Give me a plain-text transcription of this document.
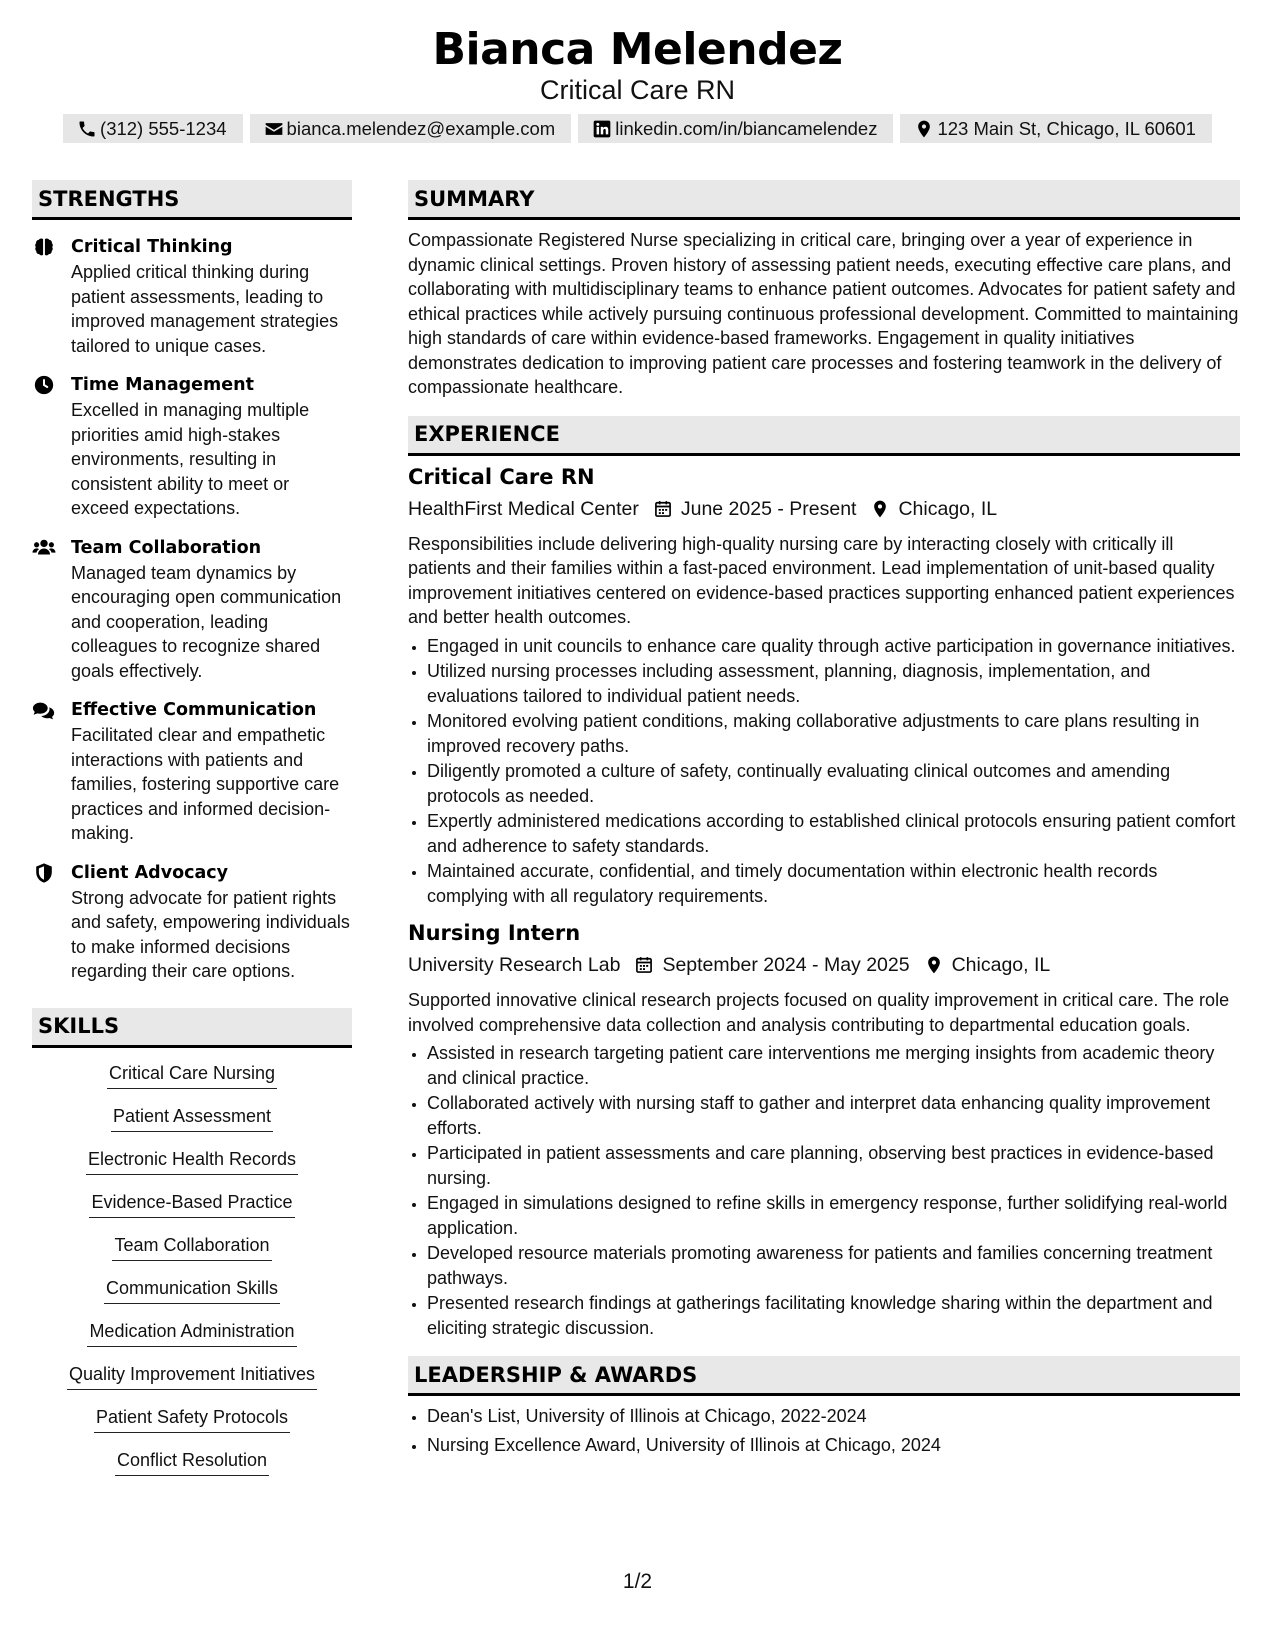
Bianca Melendez
Critical Care RN
(312) 555-1234	bianca.melendez@example.com	linkedin.com/in/biancamelendez	123 Main St, Chicago, IL 60601
STRENGTHS
Critical Thinking
Applied critical thinking during patient assessments, leading to improved management strategies tailored to unique cases.
Time Management
Excelled in managing multiple priorities amid high-stakes environments, resulting in consistent ability to meet or exceed expectations.
Team Collaboration
Managed team dynamics by encouraging open communication and cooperation, leading colleagues to recognize shared goals effectively.
Effective Communication
Facilitated clear and empathetic interactions with patients and families, fostering supportive care practices and informed decision-making.
Client Advocacy
Strong advocate for patient rights and safety, empowering individuals to make informed decisions regarding their care options.
SKILLS
Critical Care Nursing
Patient Assessment
Electronic Health Records
Evidence-Based Practice
Team Collaboration
Communication Skills
Medication Administration
Quality Improvement Initiatives
Patient Safety Protocols
Conflict Resolution
SUMMARY
Compassionate Registered Nurse specializing in critical care, bringing over a year of experience in dynamic clinical settings. Proven history of assessing patient needs, executing effective care plans, and collaborating with multidisciplinary teams to enhance patient outcomes. Advocates for patient safety and ethical practices while actively pursuing continuous professional development. Committed to maintaining high standards of care within evidence-based frameworks. Engagement in quality initiatives demonstrates dedication to improving patient care processes and fostering teamwork in the delivery of compassionate healthcare.
EXPERIENCE
Critical Care RN
HealthFirst Medical Center June 2025 - Present Chicago, IL
Responsibilities include delivering high-quality nursing care by interacting closely with critically ill patients and their families within a fast-paced environment. Lead implementation of unit-based quality improvement initiatives centered on evidence-based practices supporting enhanced patient experiences and better health outcomes.
• Engaged in unit councils to enhance care quality through active participation in governance initiatives.
• Utilized nursing processes including assessment, planning, diagnosis, implementation, and evaluations tailored to individual patient needs.
• Monitored evolving patient conditions, making collaborative adjustments to care plans resulting in improved recovery paths.
• Diligently promoted a culture of safety, continually evaluating clinical outcomes and amending protocols as needed.
• Expertly administered medications according to established clinical protocols ensuring patient comfort and adherence to safety standards.
• Maintained accurate, confidential, and timely documentation within electronic health records complying with all regulatory requirements.
Nursing Intern
University Research Lab September 2024 - May 2025 Chicago, IL
Supported innovative clinical research projects focused on quality improvement in critical care. The role involved comprehensive data collection and analysis contributing to departmental education goals.
• Assisted in research targeting patient care interventions me merging insights from academic theory and clinical practice.
• Collaborated actively with nursing staff to gather and interpret data enhancing quality improvement efforts.
• Participated in patient assessments and care planning, observing best practices in evidence-based nursing.
• Engaged in simulations designed to refine skills in emergency response, further solidifying real-world application.
• Developed resource materials promoting awareness for patients and families concerning treatment pathways.
• Presented research findings at gatherings facilitating knowledge sharing within the department and eliciting strategic discussion.
LEADERSHIP & AWARDS
• Dean's List, University of Illinois at Chicago, 2022-2024
• Nursing Excellence Award, University of Illinois at Chicago, 2024
1/2
